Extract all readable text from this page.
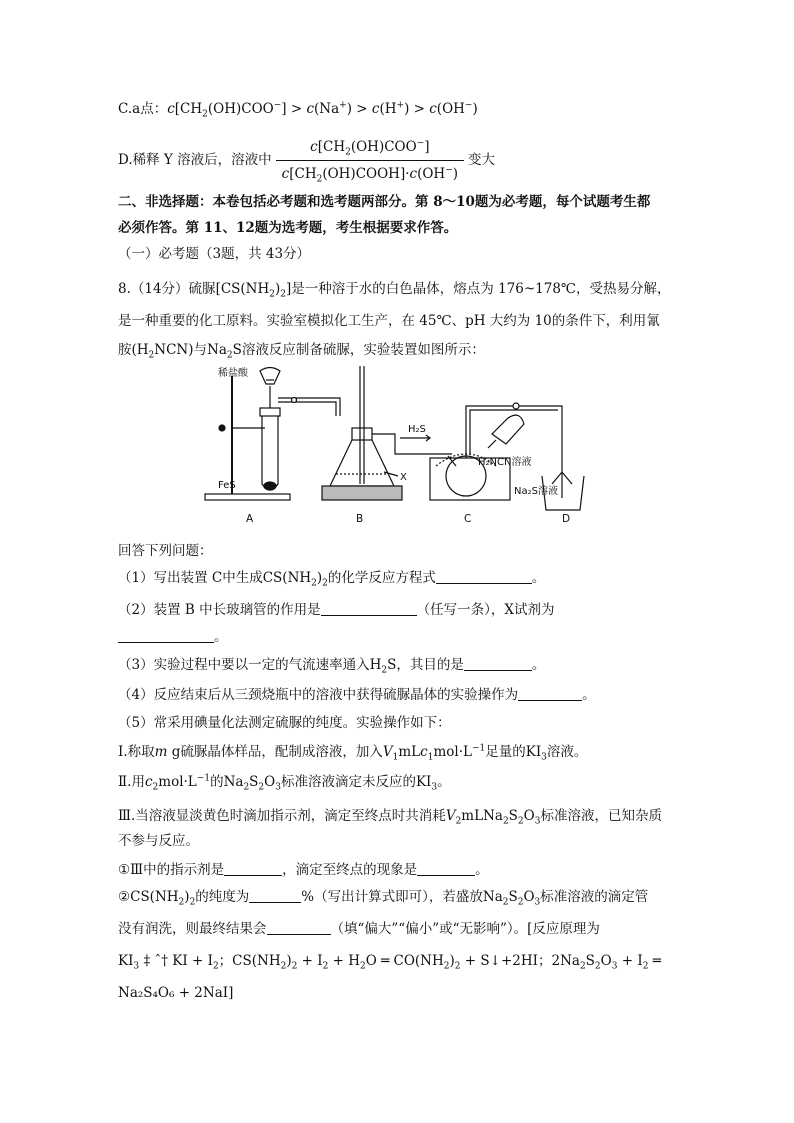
C.a点：$c[CH_2(OH)COO^-] > c(Na^+) > c(H^+) > c(OH^-)$
D.稀释 Y 溶液后，溶液中 $\frac{c[CH_2(OH)COO^-]}{c[CH_2(OH)COOH]\cdot c(OH^-)}$ 变大
二、非选择题：本卷包括必考题和选考题两部分。第 8～10题为必考题，每个试题考生都
必须作答。第 11、12题为选考题，考生根据要求作答。
（一）必考题（3题，共 43分）
8.（14分）硫脲$[CS(NH_2)_2]$是一种溶于水的白色晶体，熔点为 176~178℃，受热易分解，
是一种重要的化工原料。实验室模拟化工生产，在 45℃、pH 大约为 10的条件下，利用氰
胺$(H_2NCN)$与$Na_2S$溶液反应制备硫脲，实验装置如图所示：
稀盐酸
FeS
H₂S
X
H₂NCN溶液
Na₂S溶液
A	B	C	D
回答下列问题：
（1）写出装置 C中生成$CS(NH_2)_2$的化学反应方程式	。
（2）装置 B 中长玻璃管的作用是	（任写一条），X试剂为
。
（3）实验过程中要以一定的气流速率通入$H_2S$，其目的是	。
（4）反应结束后从三颈烧瓶中的溶液中获得硫脲晶体的实验操作为	。
（5）常采用碘量化法测定硫脲的纯度。实验操作如下：
Ⅰ.称取m g硫脲晶体样品，配制成溶液，加入$V_1mLc_1mol\cdot L^{-1}$足量的$KI_3$溶液。
Ⅱ.用$c_2mol\cdot L^{-1}$的$Na_2S_2O_3$标准溶液滴定未反应的$KI_3$。
Ⅲ.当溶液显淡黄色时滴加指示剂，滴定至终点时共消耗$V_2mLNa_2S_2O_3$标准溶液，已知杂质
不参与反应。
①Ⅲ中的指示剂是	，滴定至终点的现象是	。
$②CS(NH_2)_2$的纯度为	%（写出计算式即可），若盛放$Na_2S_2O_3$标准溶液的滴定管
没有润洗，则最终结果会	（填“偏大”“偏小”或“无影响”）。[反应原理为
$KI_3$ ‡ ˆ† KI + $I_2$；$CS(NH_2)_2 + I_2 + H_2O$ ═ $CO(NH_2)_2$ + S↓+2HI；$2Na_2S_2O_3 + I_2$ ═
Na₂S₄O₆ + 2NaI]
